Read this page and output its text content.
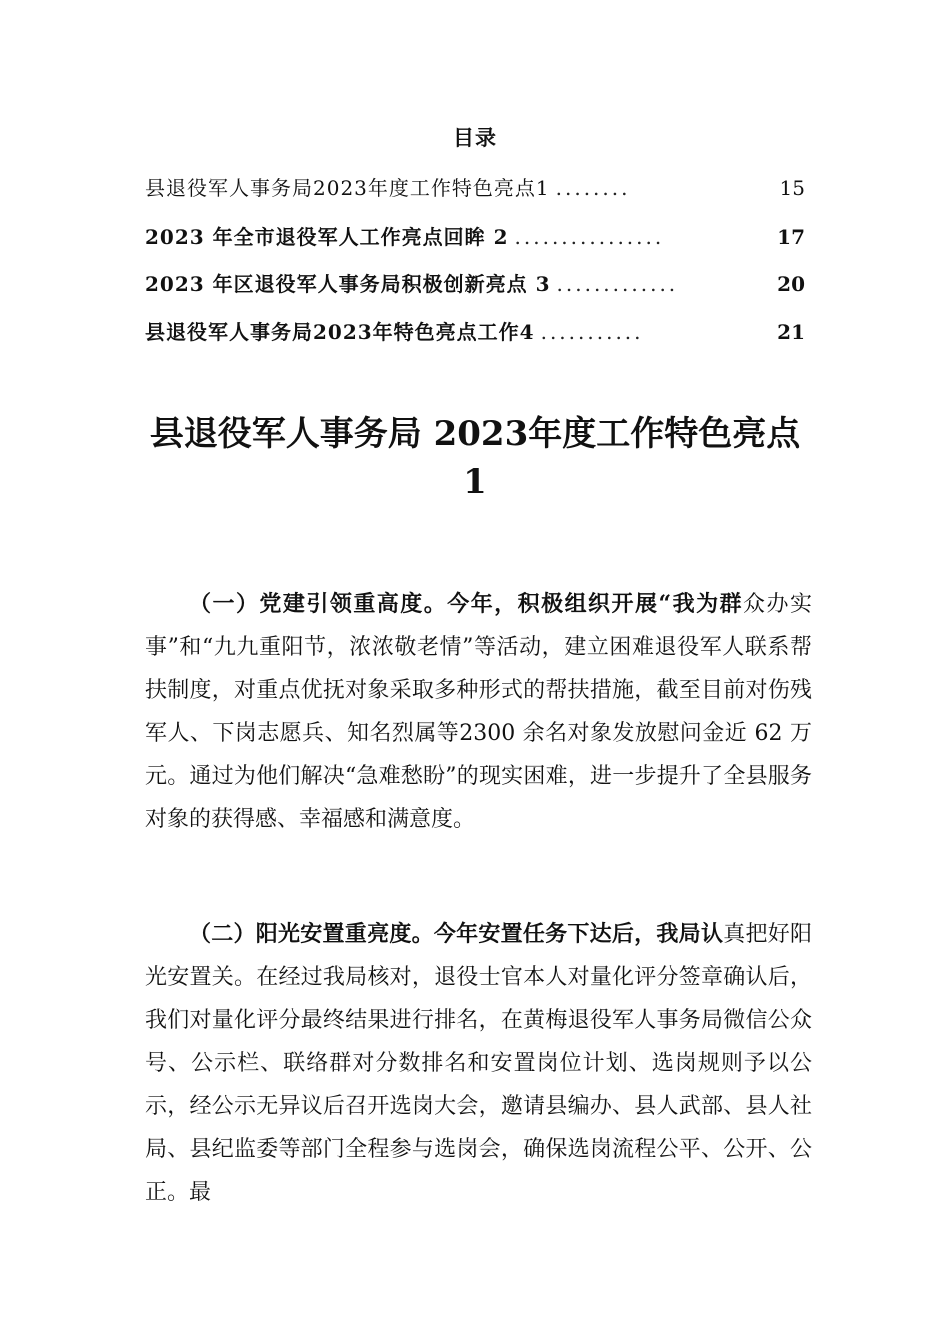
目录
县退役军人事务局2023年度工作特色亮点1 ........	15
2023 年全市退役军人工作亮点回眸 2 ................	17
2023 年区退役军人事务局积极创新亮点 3 .............	20
县退役军人事务局2023年特色亮点工作4 ...........	21
县退役军人事务局 2023年度工作特色亮点
1

（一）党建引领重高度。今年，积极组织开展“我为群众办实事”和“九九重阳节，浓浓敬老情”等活动，建立困难退役军人联系帮扶制度，对重点优抚对象采取多种形式的帮扶措施，截至目前对伤残军人、下岗志愿兵、知名烈属等2300 余名对象发放慰问金近 62 万元。通过为他们解决“急难愁盼”的现实困难，进一步提升了全县服务对象的获得感、幸福感和满意度。

（二）阳光安置重亮度。今年安置任务下达后，我局认真把好阳光安置关。在经过我局核对，退役士官本人对量化评分签章确认后，我们对量化评分最终结果进行排名，在黄梅退役军人事务局微信公众号、公示栏、联络群对分数排名和安置岗位计划、选岗规则予以公示，经公示无异议后召开选岗大会，邀请县编办、县人武部、县人社局、县纪监委等部门全程参与选岗会，确保选岗流程公平、公开、公正。最
